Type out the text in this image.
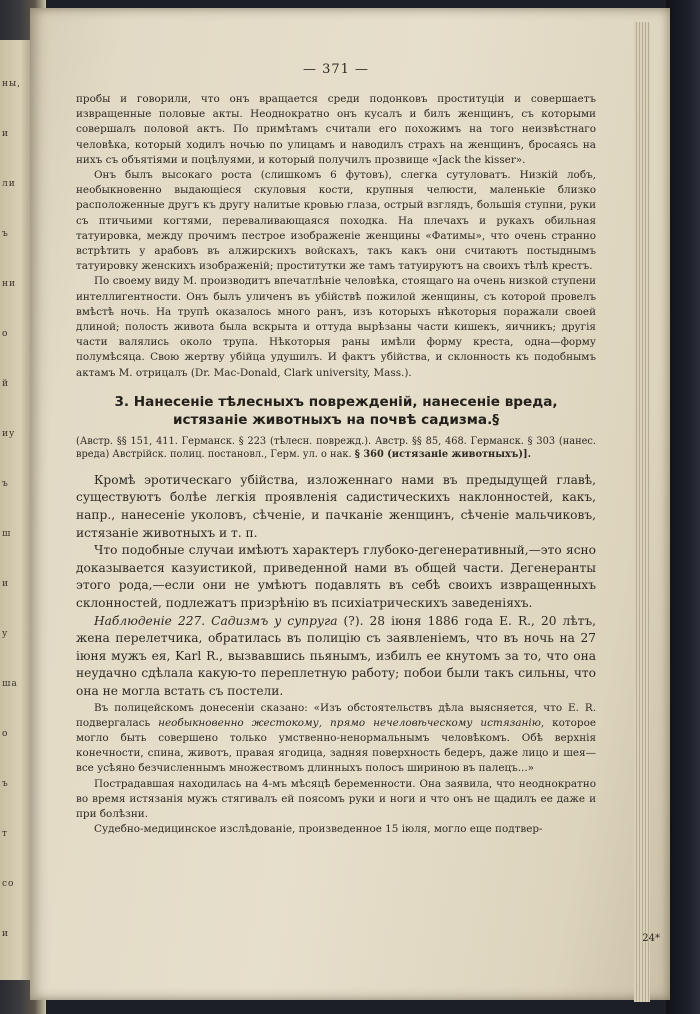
ны,
и
ли
ъ
ни
о
й
иу
ъ
ш
и
у
ша
о
ъ
т
со
и
— 371 —

пробы и говорили, что онъ вращается среди подонковъ проституціи и совершаетъ извращенные половые акты. Неоднократно онъ кусалъ и билъ женщинъ, съ которыми совершалъ половой актъ. По примѣтамъ считали его похожимъ на того неизвѣстнаго человѣка, который ходилъ ночью по улицамъ и наводилъ страхъ на женщинъ, бросаясь на нихъ съ объятіями и поцѣлуями, и который получилъ прозвище «Jack the kisser».

Онъ былъ высокаго роста (слишкомъ 6 футовъ), слегка сутуловатъ. Низкій лобъ, необыкновенно выдающіеся скуловыя кости, крупныя челюсти, маленькіе близко расположенные другъ къ другу налитые кровью глаза, острый взглядъ, большія ступни, руки съ птичьими когтями, переваливающаяся походка. На плечахъ и рукахъ обильная татуировка, между прочимъ пестрое изображеніе женщины «Фатимы», что очень странно встрѣтить у арабовъ въ алжирскихъ войскахъ, такъ какъ они считаютъ постыднымъ татуировку женскихъ изображеній; проститутки же тамъ татуируютъ на своихъ тѣлѣ крестъ.

По своему виду М. производитъ впечатлѣніе человѣка, стоящаго на очень низкой ступени интеллигентности. Онъ былъ уличенъ въ убійствѣ пожилой женщины, съ которой провелъ вмѣстѣ ночь. На трупѣ оказалось много ранъ, изъ которыхъ нѣкоторыя поражали своей длиной; полость живота была вскрыта и оттуда вырѣзаны части кишекъ, яичникъ; другія части валялись около трупа. Нѣкоторыя раны имѣли форму креста, одна—форму полумѣсяца. Свою жертву убійца удушилъ. И фактъ убійства, и склонность къ подобнымъ актамъ М. отрицалъ (Dr. Mac-Donald, Clark university, Mass.).

3. Нанесеніе тѣлесныхъ поврежденій, нанесеніе вреда, истязаніе животныхъ на почвѣ садизма.§

(Австр. §§ 151, 411. Германск. § 223 (тѣлесн. поврежд.). Австр. §§ 85, 468. Германск. § 303 (нанес. вреда) Австрійск. полиц. постановл., Герм. ул. о нак. § 360 (истязаніе животныхъ)].

Кромѣ эротическаго убійства, изложеннаго нами въ предыдущей главѣ, существуютъ болѣе легкія проявленія садистическихъ наклонностей, какъ, напр., нанесеніе уколовъ, сѣченіе, и пачканіе женщинъ, сѣченіе мальчиковъ, истязаніе животныхъ и т. п.

Что подобные случаи имѣютъ характеръ глубоко-дегенеративный,—это ясно доказывается казуистикой, приведенной нами въ общей части. Дегенеранты этого рода,—если они не умѣютъ подавлять въ себѣ своихъ извращенныхъ склонностей, подлежатъ призрѣнію въ психіатрическихъ заведеніяхъ.

Наблюденіе 227. Садизмъ у супруга (?). 28 іюня 1886 года Е. R., 20 лѣтъ, жена перелетчика, обратилась въ полицію съ заявленіемъ, что въ ночь на 27 іюня мужъ ея, Karl R., вызвавшись пьянымъ, избилъ ее кнутомъ за то, что она неудачно сдѣлала какую-то переплетную работу; побои были такъ сильны, что она не могла встать съ постели.

Въ полицейскомъ донесеніи сказано: «Изъ обстоятельствъ дѣла выясняется, что Е. R. подвергалась необыкновенно жестокому, прямо нечеловѣческому истязанію, которое могло быть совершено только умственно-ненормальнымъ человѣкомъ. Обѣ верхнія конечности, спина, животъ, правая ягодица, задняя поверхность бедеръ, даже лицо и шея—все усѣяно безчисленнымъ множествомъ длинныхъ полосъ шириною въ палецъ...»

Пострадавшая находилась на 4-мъ мѣсяцѣ беременности. Она заявила, что неоднократно во время истязанія мужъ стягивалъ ей поясомъ руки и ноги и что онъ не щадилъ ее даже и при болѣзни.

Судебно-медицинское изслѣдованіе, произведенное 15 іюля, могло еще подтвер-

24*
